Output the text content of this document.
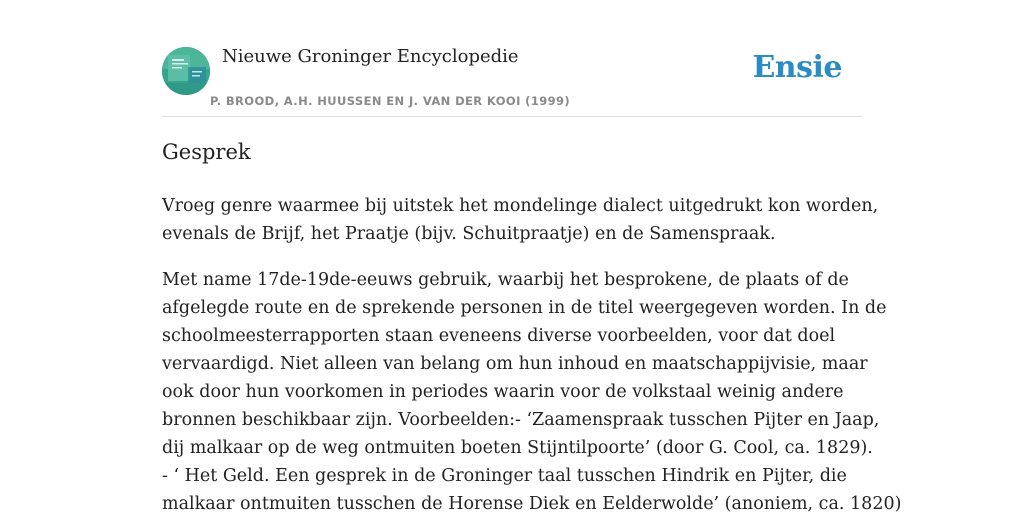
Nieuwe Groninger Encyclopedie
P. BROOD, A.H. HUUSSEN EN J. VAN DER KOOI (1999)
Ensie
Gesprek

Vroeg genre waarmee bij uitstek het mondelinge dialect uitgedrukt kon worden,
evenals de Brijf, het Praatje (bijv. Schuitpraatje) en de Samenspraak.

Met name 17de-19de-eeuws gebruik, waarbij het besprokene, de plaats of de
afgelegde route en de sprekende personen in de titel weergegeven worden. In de
schoolmeesterrapporten staan eveneens diverse voorbeelden, voor dat doel
vervaardigd. Niet alleen van belang om hun inhoud en maatschappijvisie, maar
ook door hun voorkomen in periodes waarin voor de volkstaal weinig andere
bronnen beschikbaar zijn. Voorbeelden:- ‘Zaamenspraak tusschen Pijter en Jaap,
dij malkaar op de weg ontmuiten boeten Stijntilpoorte’ (door G. Cool, ca. 1829).
- ‘ Het Geld. Een gesprek in de Groninger taal tusschen Hindrik en Pijter, die
malkaar ontmuiten tusschen de Horense Diek en Eelderwolde’ (anoniem, ca. 1820)
